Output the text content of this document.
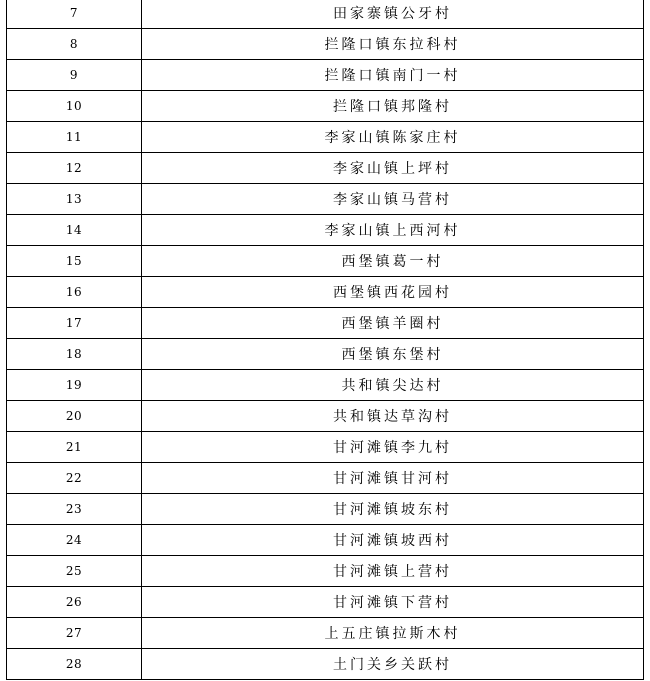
7	田家寨镇公牙村
8	拦隆口镇东拉科村
9	拦隆口镇南门一村
10	拦隆口镇邦隆村
11	李家山镇陈家庄村
12	李家山镇上坪村
13	李家山镇马营村
14	李家山镇上西河村
15	西堡镇葛一村
16	西堡镇西花园村
17	西堡镇羊圈村
18	西堡镇东堡村
19	共和镇尖达村
20	共和镇达草沟村
21	甘河滩镇李九村
22	甘河滩镇甘河村
23	甘河滩镇坡东村
24	甘河滩镇坡西村
25	甘河滩镇上营村
26	甘河滩镇下营村
27	上五庄镇拉斯木村
28	土门关乡关跃村
